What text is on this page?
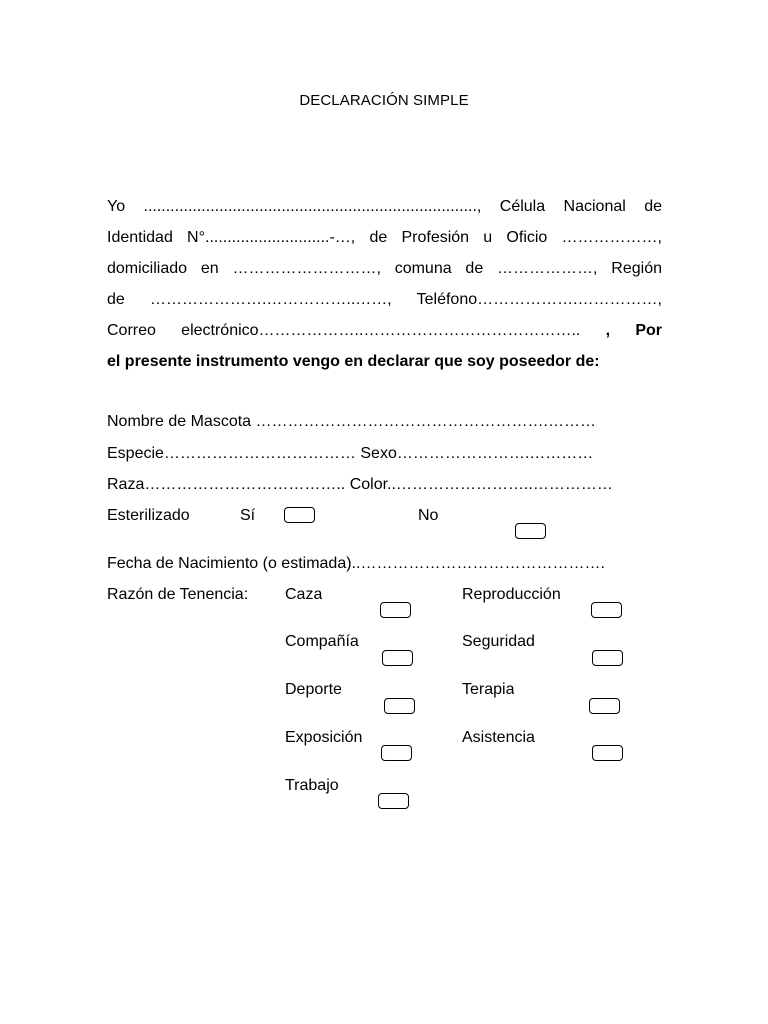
DECLARACIÓN SIMPLE
Yo ..........................................................................., Célula Nacional de
Identidad N°............................-…, de Profesión u Oficio ………………,
domiciliado en ………………………, comuna de ………………, Región
de ………………….……………..……, Teléfono……………….……………,
Correo electrónico………………..………………………………….. , Por
el presente instrumento vengo en declarar que soy poseedor de:
Nombre de Mascota ……………………………………………….………
Especie……………………………… Sexo…………………….…………
Raza……………………………….. Color..……………………..……………
Esterilizado	Sí	No
Fecha de Nacimiento (o estimada)..……………………………………….
Razón de Tenencia: Caza	Reproducción
Compañía	Seguridad
Deporte	Terapia
Exposición	Asistencia
Trabajo
